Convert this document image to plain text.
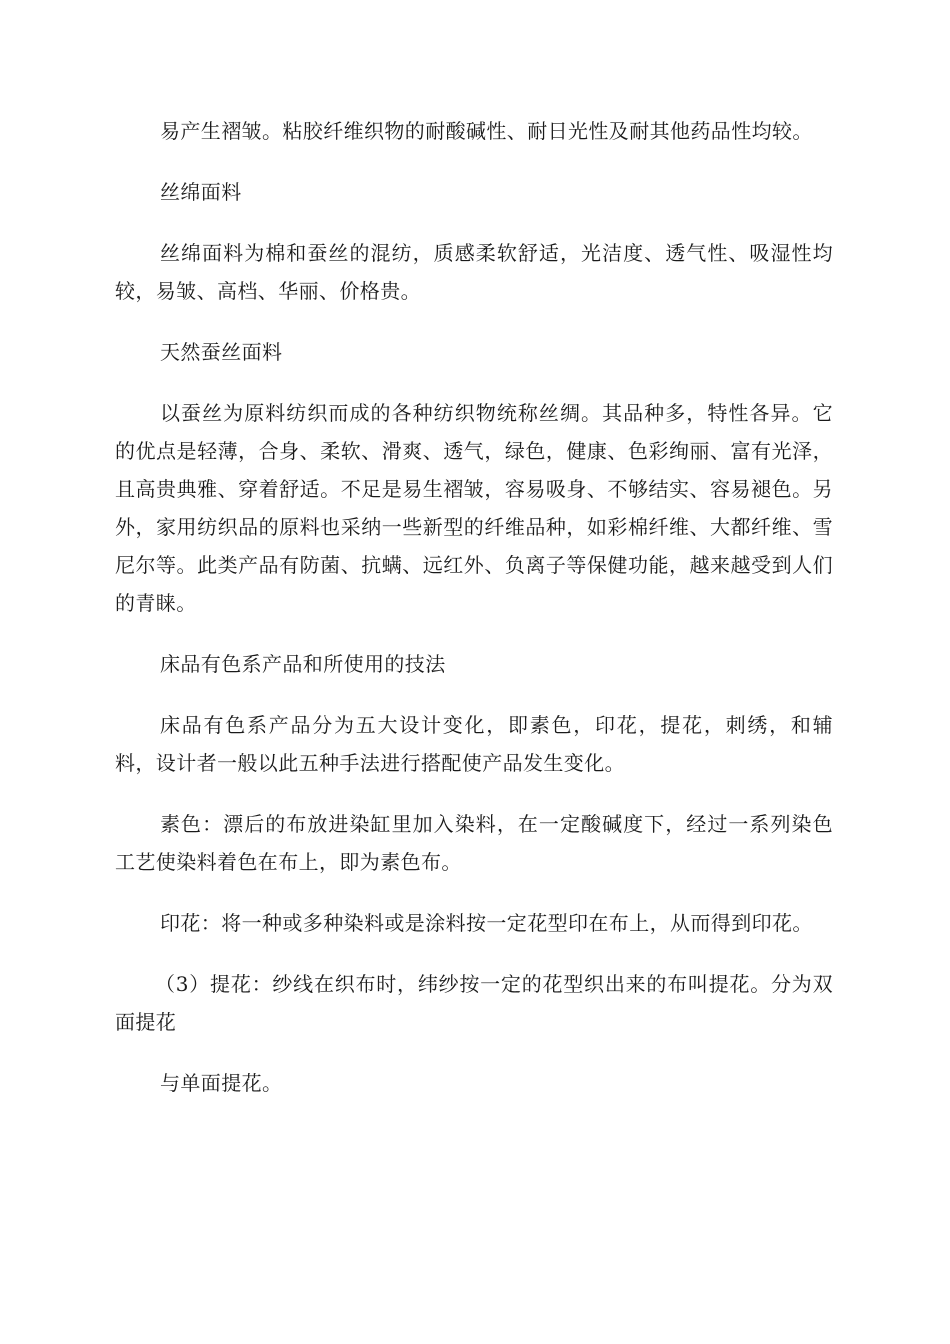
易产生褶皱。粘胶纤维织物的耐酸碱性、耐日光性及耐其他药品性均较。

丝绵面料

丝绵面料为棉和蚕丝的混纺，质感柔软舒适，光洁度、透气性、吸湿性均较，易皱、高档、华丽、价格贵。

天然蚕丝面料

以蚕丝为原料纺织而成的各种纺织物统称丝绸。其品种多，特性各异。它的优点是轻薄，合身、柔软、滑爽、透气，绿色，健康、色彩绚丽、富有光泽，且高贵典雅、穿着舒适。不足是易生褶皱，容易吸身、不够结实、容易褪色。另外，家用纺织品的原料也采纳一些新型的纤维品种，如彩棉纤维、大都纤维、雪尼尔等。此类产品有防菌、抗螨、远红外、负离子等保健功能，越来越受到人们的青睐。

床品有色系产品和所使用的技法

床品有色系产品分为五大设计变化，即素色，印花，提花，刺绣，和辅料，设计者一般以此五种手法进行搭配使产品发生变化。

素色：漂后的布放进染缸里加入染料，在一定酸碱度下，经过一系列染色工艺使染料着色在布上，即为素色布。

印花：将一种或多种染料或是涂料按一定花型印在布上，从而得到印花。

（3）提花：纱线在织布时，纬纱按一定的花型织出来的布叫提花。分为双面提花

与单面提花。
